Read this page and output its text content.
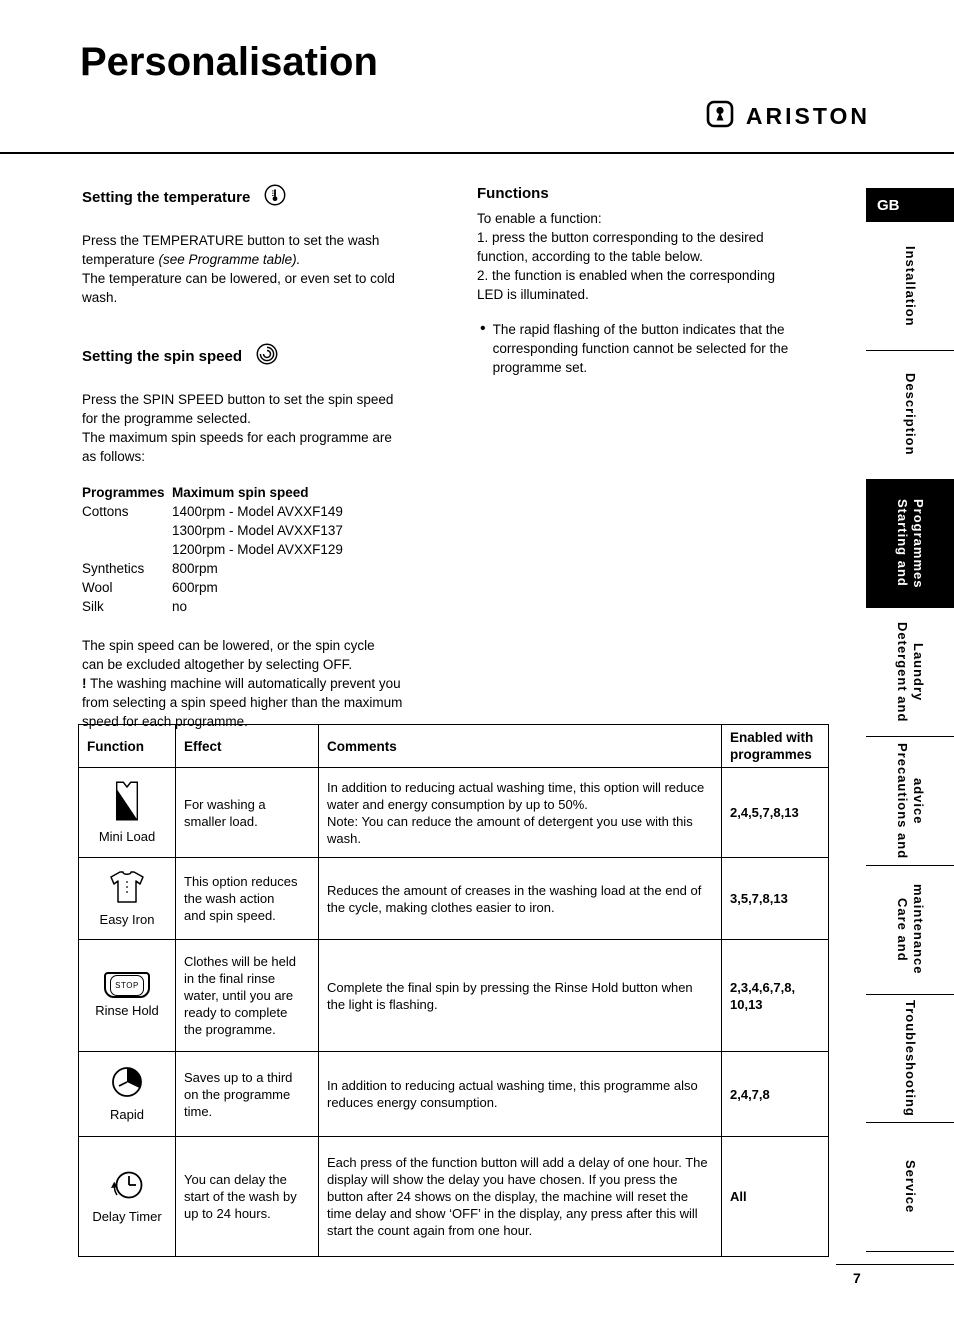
Personalisation
ARISTON
Setting the temperature

Press the TEMPERATURE button to set the wash
temperature (see Programme table).
The temperature can be lowered, or even set to cold
wash.

Setting the spin speed

Press the SPIN SPEED button to set the spin speed
for the programme selected.
The maximum spin speeds for each programme are
as follows:

Programmes Maximum spin speed
Cottons	1400rpm - Model AVXXF149
1300rpm - Model AVXXF137
1200rpm - Model AVXXF129
Synthetics	800rpm
Wool	600rpm
Silk	no

The spin speed can be lowered, or the spin cycle
can be excluded altogether by selecting OFF.
! The washing machine will automatically prevent you
from selecting a spin speed higher than the maximum
speed for each programme.

Functions

To enable a function:
1. press the button corresponding to the desired
function, according to the table below.
2. the function is enabled when the corresponding
LED is illuminated.

• The rapid flashing of the button indicates that the
corresponding function cannot be selected for the
programme set.
Function	Effect	Comments	Enabled with programmes

Mini Load	For washing a
smaller load.	In addition to reducing actual washing time, this option will reduce water and energy consumption by up to 50%.
Note: You can reduce the amount of detergent you use with this wash.	2,4,5,7,8,13

Easy Iron	This option reduces
the wash action
and spin speed.	Reduces the amount of creases in the washing load at the end of the cycle, making clothes easier to iron.	3,5,7,8,13

STOP
Rinse Hold	Clothes will be held
in the final rinse
water, until you are
ready to complete
the programme.	Complete the final spin by pressing the Rinse Hold button when the light is flashing.	2,3,4,6,7,8,
10,13

Rapid	Saves up to a third
on the programme
time.	In addition to reducing actual washing time, this programme also reduces energy consumption.	2,4,7,8

Delay Timer
	You can delay the
start of the wash by
up to 24 hours.	Each press of the function button will add a delay of one hour. The display will show the delay you have chosen. If you press the button after 24 shows on the display, the machine will reset the time delay and show ‘OFF’ in the display, any press after this will start the count again from one hour.	All
GB
Installation
Description
Starting and
Programmes
Detergent and
Laundry
Precautions and
advice
Care and
maintenance
Troubleshooting
Service
7
